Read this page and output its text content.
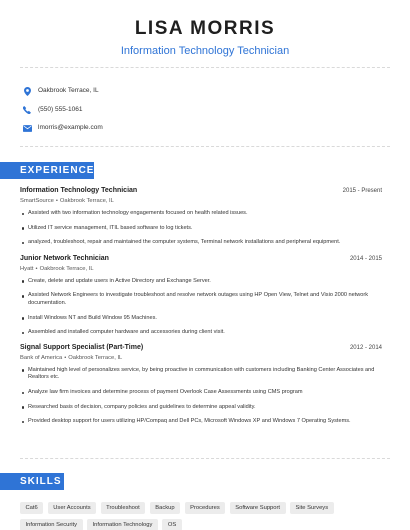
LISA MORRIS
Information Technology Technician
Oakbrook Terrace, IL
(550) 555-1061
lmorris@example.com
EXPERIENCE
Information Technology Technician	2015 - Present
SmartSource • Oakbrook Terrace, IL
Assisted with two information technology engagements focused on health related issues.
Utilized IT service management, ITIL based software to log tickets.
analyzed, troubleshoot, repair and maintained the computer systems, Terminal network installations and peripheral equipment.
Junior Network Technician	2014 - 2015
Hyatt • Oakbrook Terrace, IL
Create, delete and update users in Active Directory and Exchange Server.
Assisted Network Engineers to investigate troubleshoot and resolve network outages using HP Open View, Telnet and Visio 2000 network documentation.
Install Windows NT and Build Window 95 Machines.
Assembled and installed computer hardware and accessories during client visit.
Signal Support Specialist (Part-Time)	2012 - 2014
Bank of America • Oakbrook Terrace, IL
Maintained high level of personalizes service, by being proactive in communication with customers including Banking Center Associates and Realtors etc.
Analyze law firm invoices and determine process of payment Overlook Case Assessments using CMS program
Researched basis of decision, company policies and guidelines to determine appeal validity.
Provided desktop support for users utilizing HP/Compaq and Dell PCs, Microsoft Windows XP and Windows 7 Operating Systems.
SKILLS
Cat6	User Accounts	Troubleshoot	Backup	Procedures	Software Support	Site Surveys
Information Security	Information Technology	OS
